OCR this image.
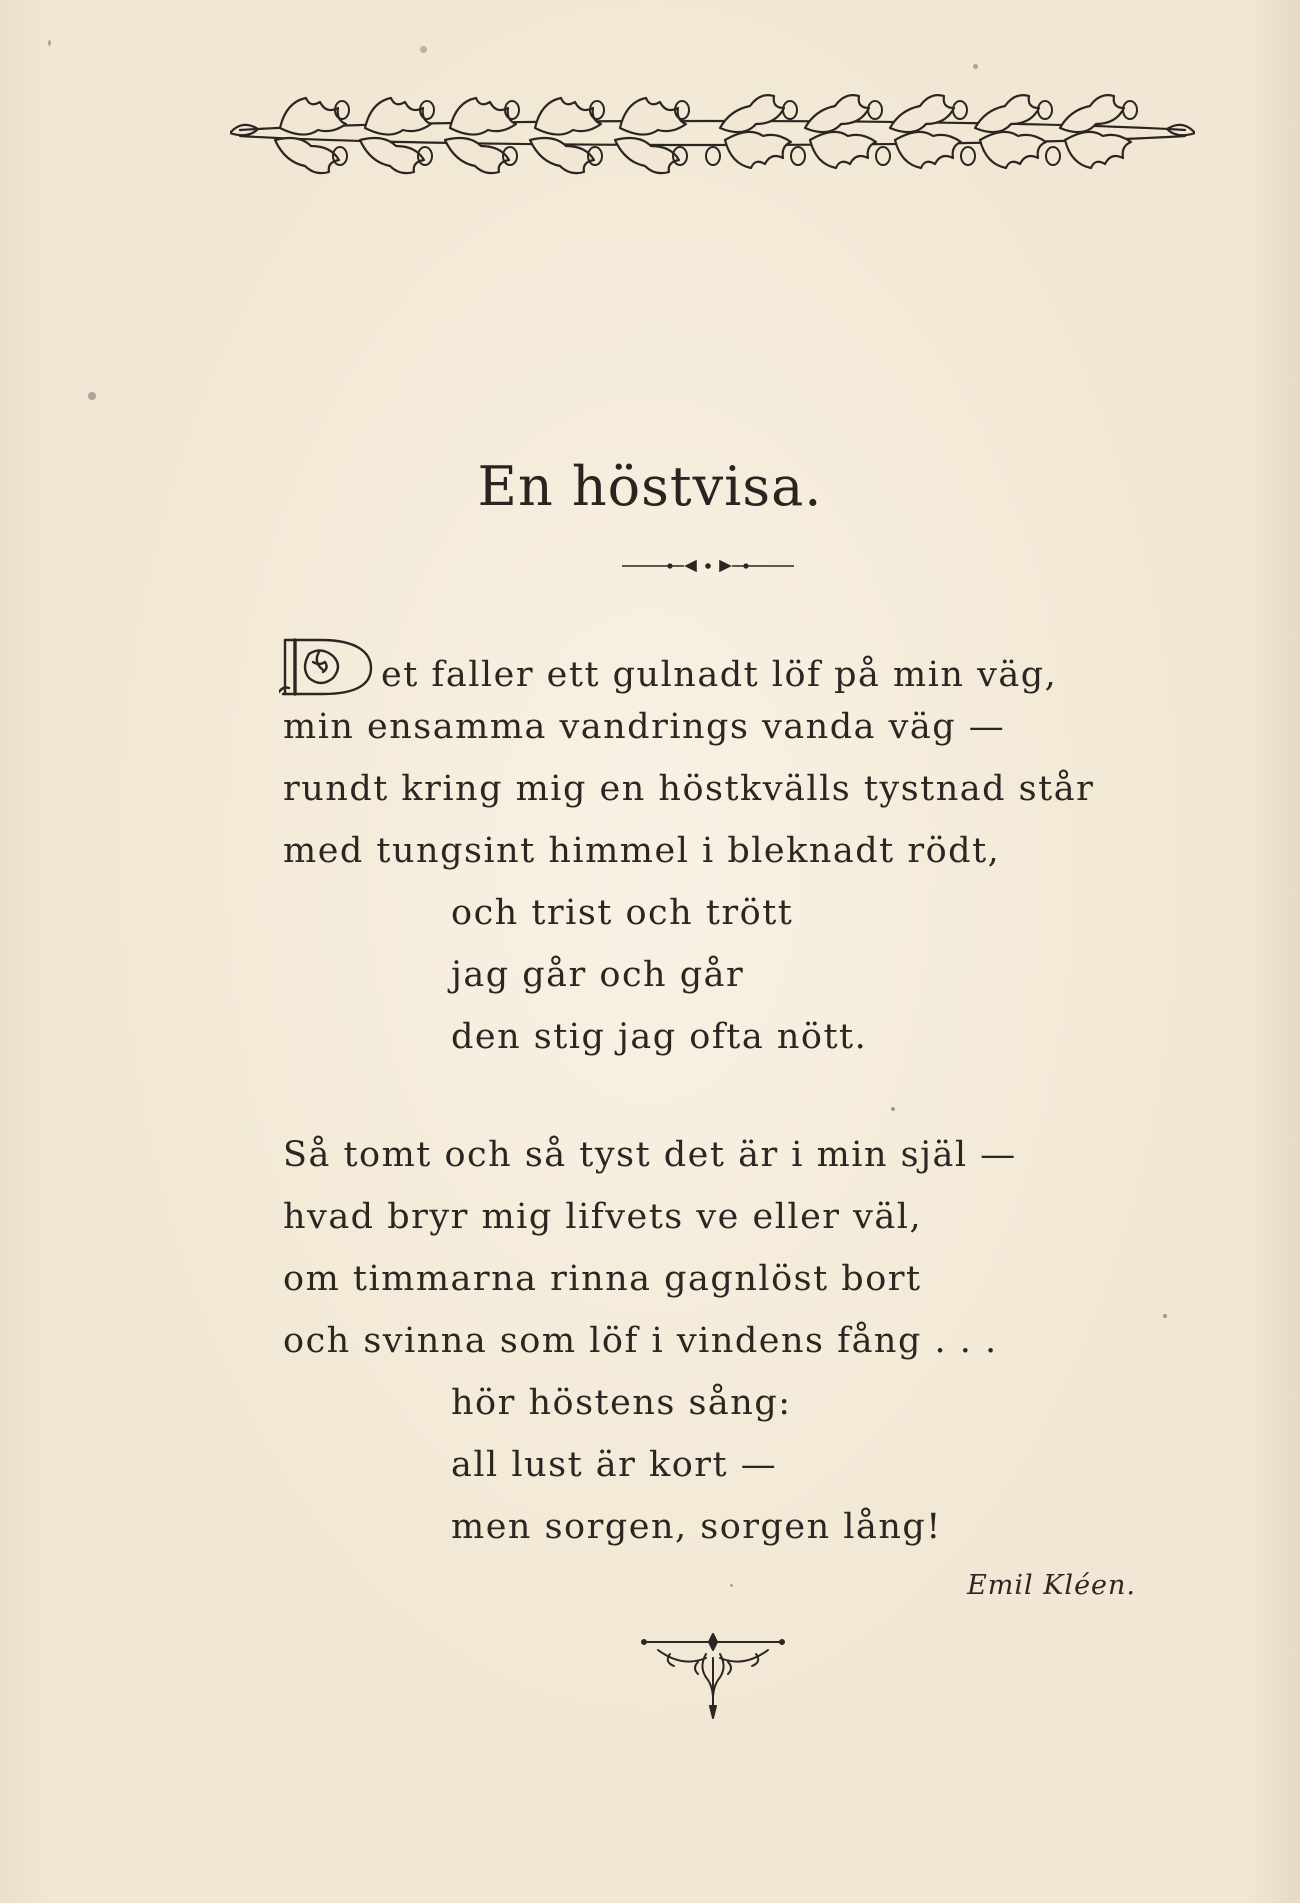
En höstvisa.
et faller ett gulnadt löf på min väg,
min ensamma vandrings vanda väg —
rundt kring mig en höstkvälls tystnad står
med tungsint himmel i bleknadt rödt,
och trist och trött
jag går och går
den stig jag ofta nött.
Så tomt och så tyst det är i min själ —
hvad bryr mig lifvets ve eller väl,
om timmarna rinna gagnlöst bort
och svinna som löf i vindens fång . . .
hör höstens sång:
all lust är kort —
men sorgen, sorgen lång!
Emil Kléen.
